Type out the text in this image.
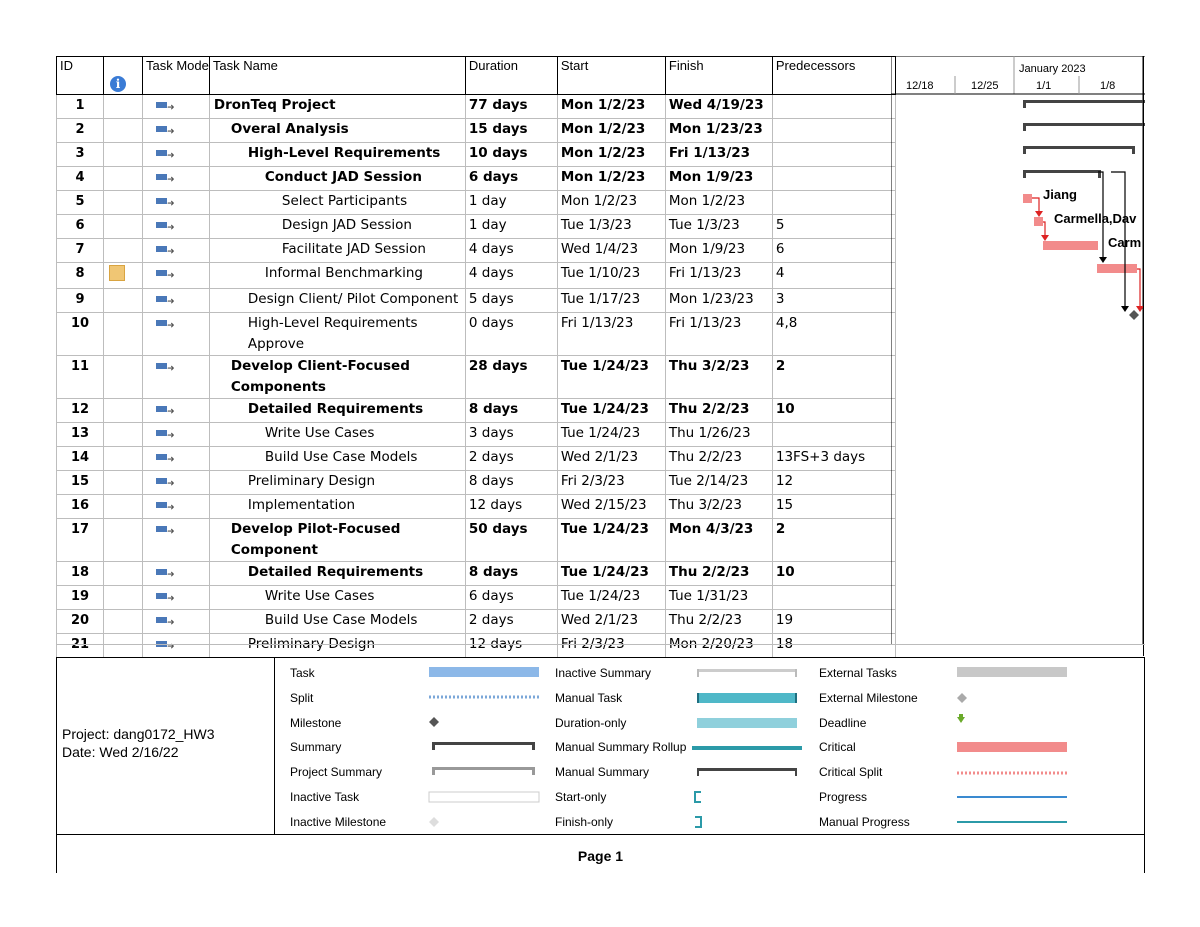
ID	i	Task Mode	Task Name	Duration	Start	Finish	Predecessors
1		➜	DronTeq Project	77 days	Mon 1/2/23	Wed 4/19/23	
2		➜	Overal Analysis	15 days	Mon 1/2/23	Mon 1/23/23	
3		➜	High-Level Requirements	10 days	Mon 1/2/23	Fri 1/13/23	
4		➜	Conduct JAD Session	6 days	Mon 1/2/23	Mon 1/9/23	
5		➜	Select Participants	1 day	Mon 1/2/23	Mon 1/2/23	
6		➜	Design JAD Session	1 day	Tue 1/3/23	Tue 1/3/23	5
7		➜	Facilitate JAD Session	4 days	Wed 1/4/23	Mon 1/9/23	6
8		➜	Informal Benchmarking	4 days	Tue 1/10/23	Fri 1/13/23	4
9		➜	Design Client/ Pilot Component	5 days	Tue 1/17/23	Mon 1/23/23	3
10		➜	High-Level Requirements Approve	0 days	Fri 1/13/23	Fri 1/13/23	4,8
11		➜	Develop Client-Focused Components	28 days	Tue 1/24/23	Thu 3/2/23	2
12		➜	Detailed Requirements	8 days	Tue 1/24/23	Thu 2/2/23	10
13		➜	Write Use Cases	3 days	Tue 1/24/23	Thu 1/26/23	
14		➜	Build Use Case Models	2 days	Wed 2/1/23	Thu 2/2/23	13FS+3 days
15		➜	Preliminary Design	8 days	Fri 2/3/23	Tue 2/14/23	12
16		➜	Implementation	12 days	Wed 2/15/23	Thu 3/2/23	15
17		➜	Develop Pilot-Focused Component	50 days	Tue 1/24/23	Mon 4/3/23	2
18		➜	Detailed Requirements	8 days	Tue 1/24/23	Thu 2/2/23	10
19		➜	Write Use Cases	6 days	Tue 1/24/23	Tue 1/31/23	
20		➜	Build Use Case Models	2 days	Wed 2/1/23	Thu 2/2/23	19
21		➜	Preliminary Design	12 days	Fri 2/3/23	Mon 2/20/23	18
January 2023
12/18	12/25	1/1	1/8
Jiang
Carmella,Dav
Carm
Project: dang0172_HW3
Date: Wed 2/16/22
Task
Split
Milestone
Summary
Project Summary
Inactive Task
Inactive Milestone
Inactive Summary
Manual Task
Duration-only
Manual Summary Rollup
Manual Summary
Start-only
Finish-only
External Tasks
External Milestone
Deadline
Critical
Critical Split
Progress
Manual Progress
Page 1
